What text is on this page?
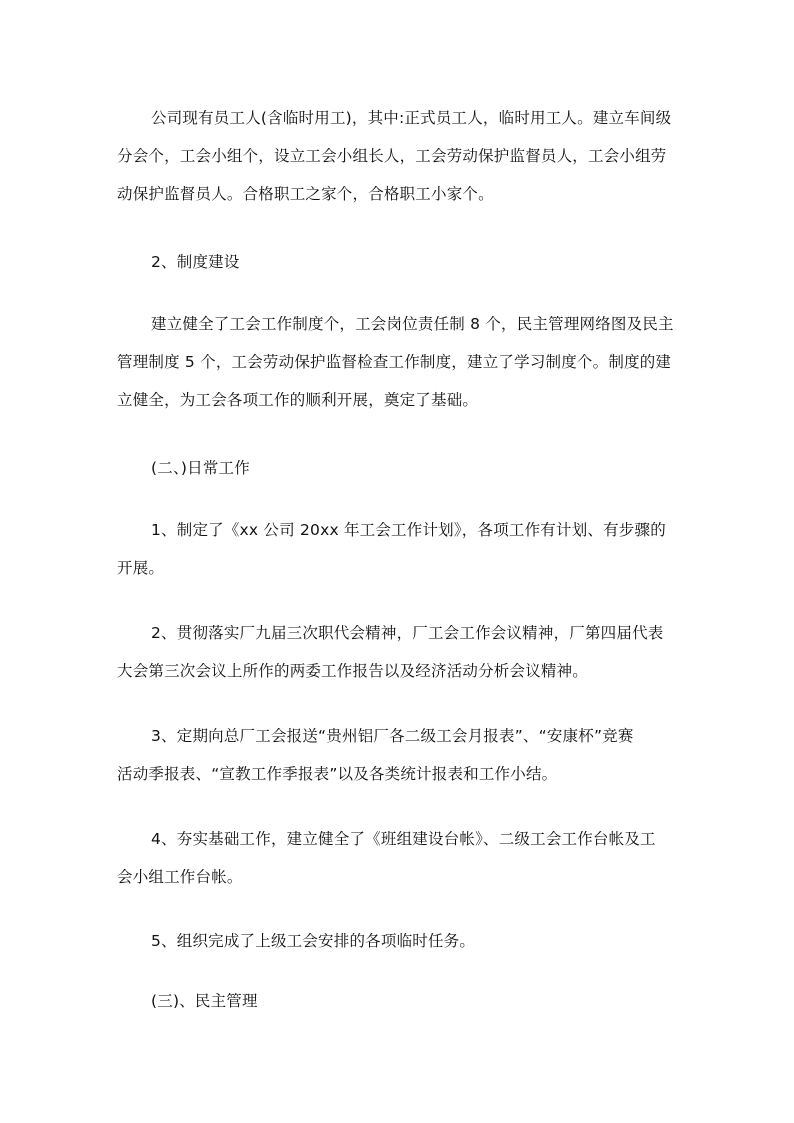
公司现有员工人(含临时用工)，其中:正式员工人，临时用工人。建立车间级
分会个，工会小组个，设立工会小组长人，工会劳动保护监督员人，工会小组劳
动保护监督员人。合格职工之家个，合格职工小家个。
2、制度建设
建立健全了工会工作制度个，工会岗位责任制 8 个，民主管理网络图及民主
管理制度 5 个，工会劳动保护监督检查工作制度，建立了学习制度个。制度的建
立健全，为工会各项工作的顺利开展，奠定了基础。
(二、)日常工作
1、制定了《xx 公司 20xx 年工会工作计划》，各项工作有计划、有步骤的
开展。
2、贯彻落实厂九届三次职代会精神，厂工会工作会议精神，厂第四届代表
大会第三次会议上所作的两委工作报告以及经济活动分析会议精神。
3、定期向总厂工会报送“贵州铝厂各二级工会月报表”、“安康杯”竞赛
活动季报表、“宣教工作季报表”以及各类统计报表和工作小结。
4、夯实基础工作，建立健全了《班组建设台帐》、二级工会工作台帐及工
会小组工作台帐。
5、组织完成了上级工会安排的各项临时任务。
(三)、民主管理
